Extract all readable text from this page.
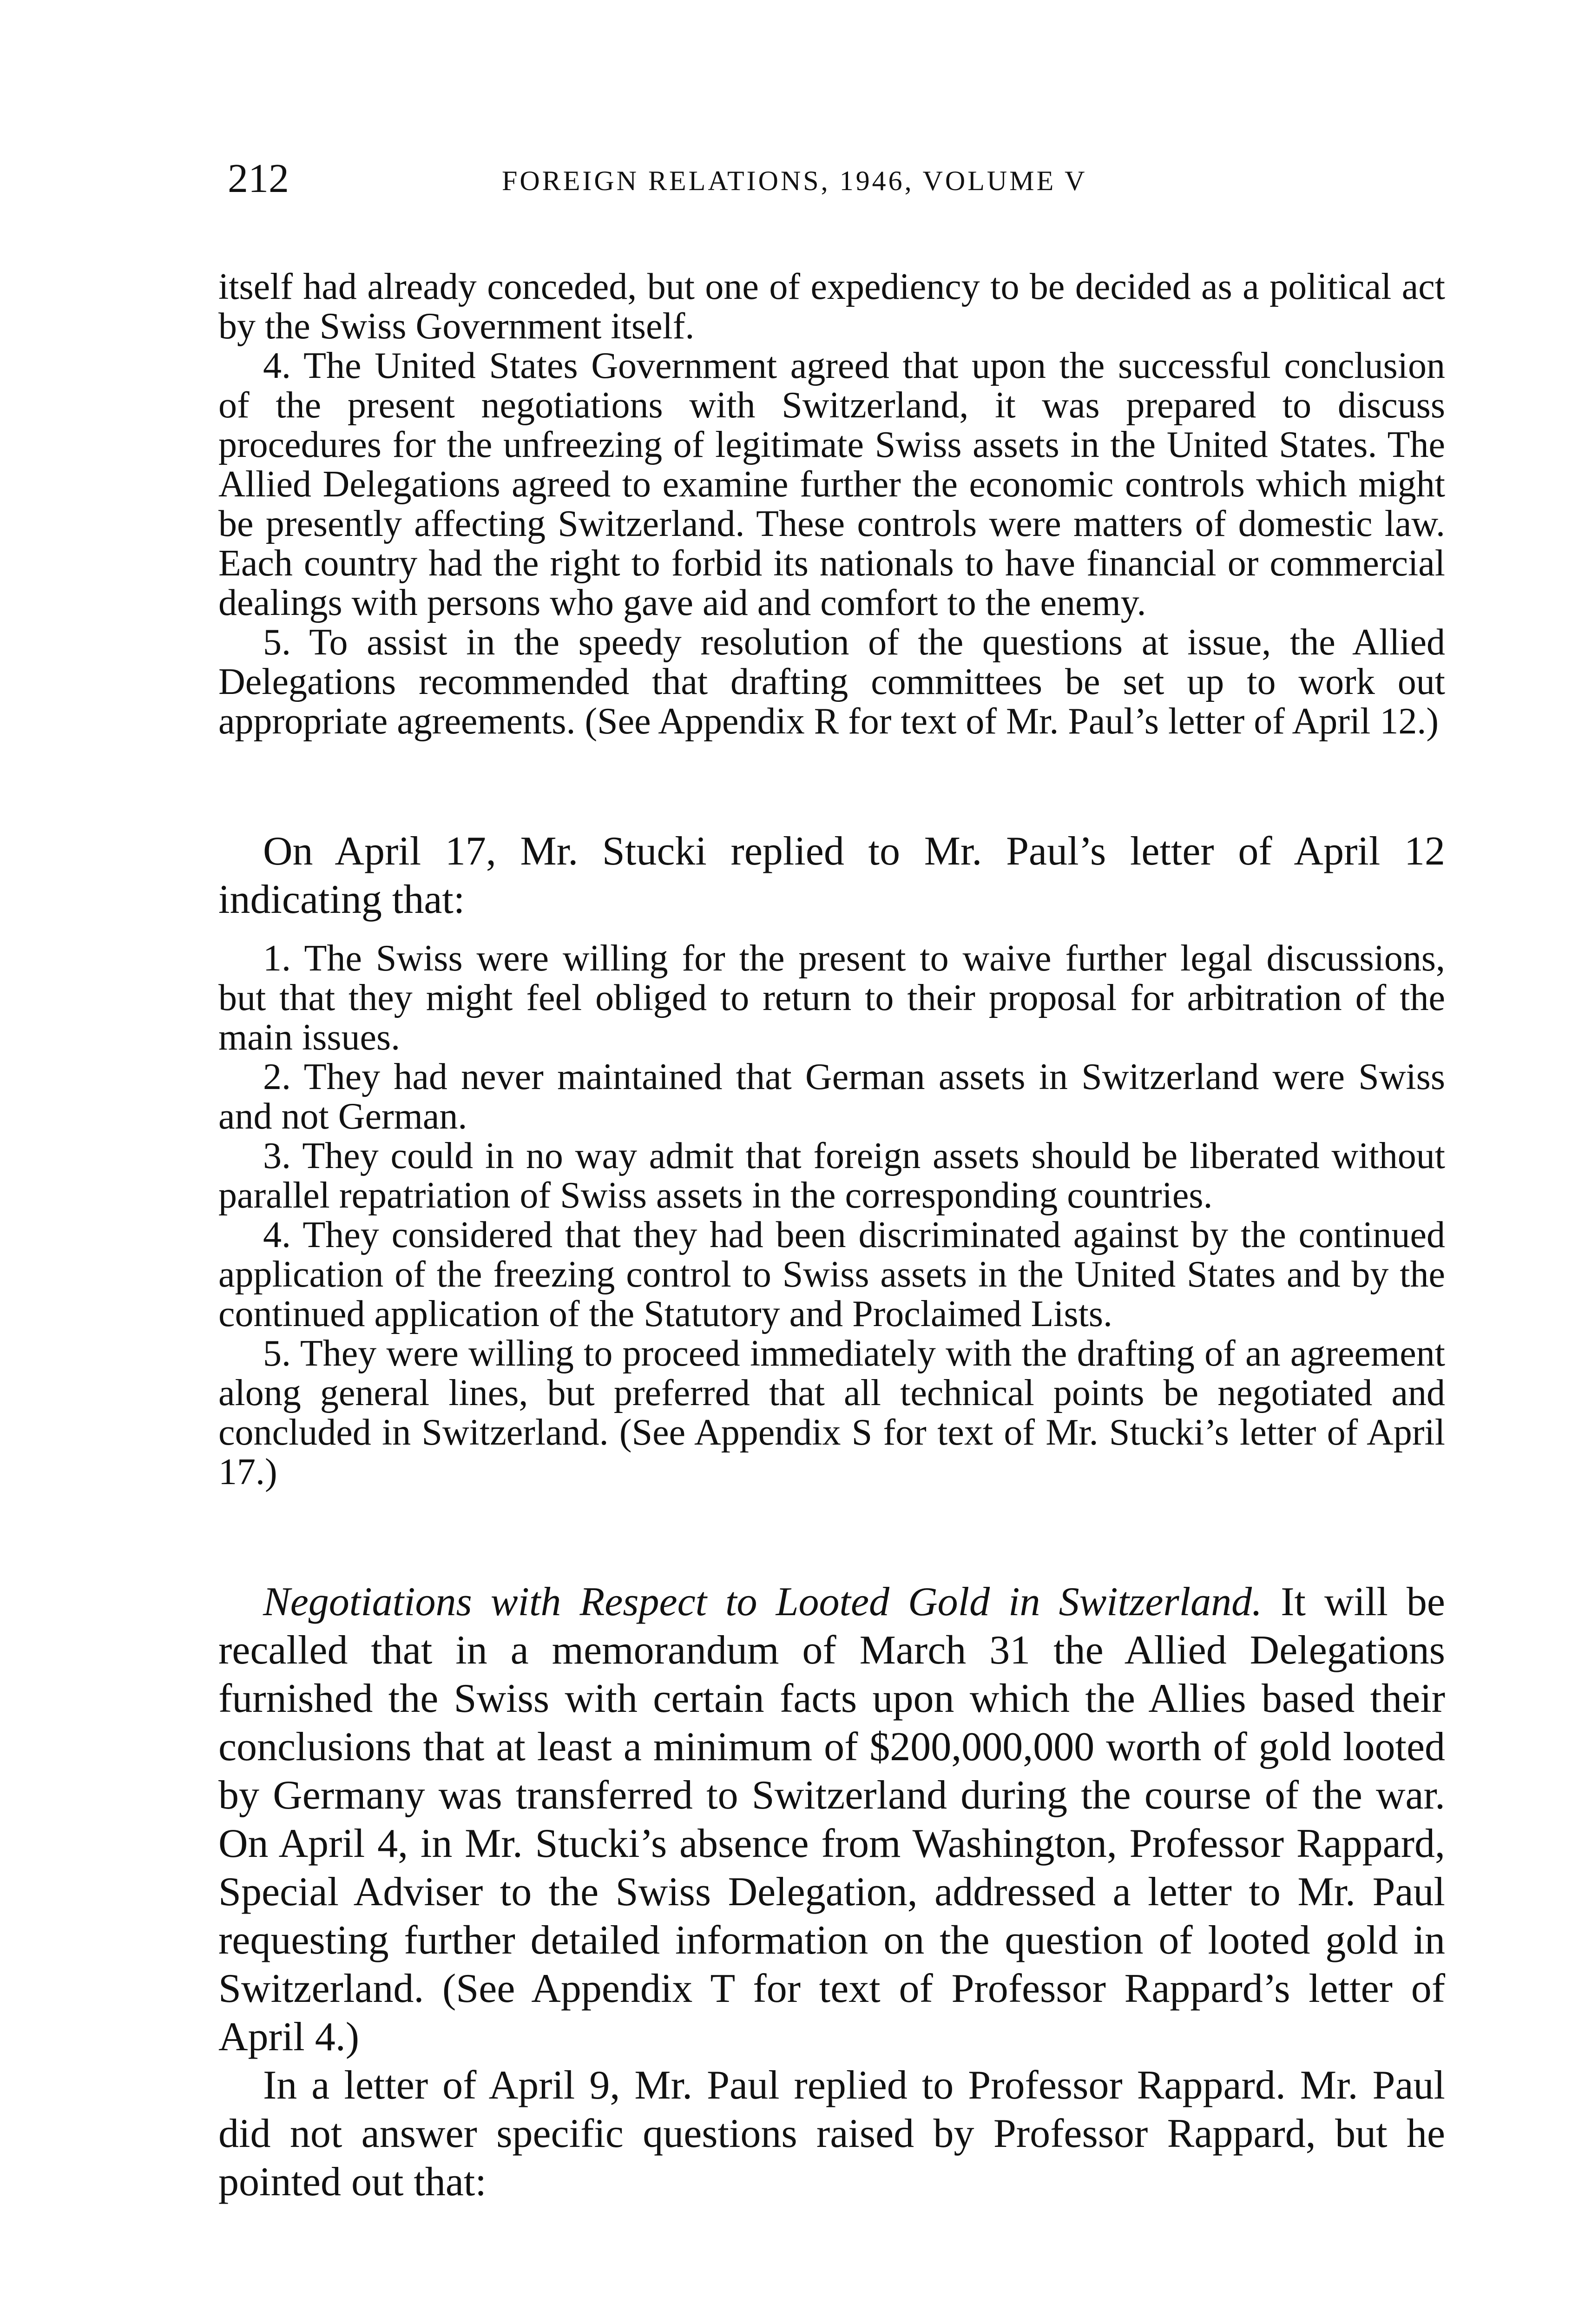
212	FOREIGN RELATIONS, 1946, VOLUME V

itself had already conceded, but one of expediency to be decided as a political act by the Swiss Government itself.

4. The United States Government agreed that upon the successful conclusion of the present negotiations with Switzerland, it was prepared to discuss procedures for the unfreezing of legitimate Swiss assets in the United States. The Allied Delegations agreed to examine further the economic controls which might be presently affecting Switzerland. These controls were matters of domestic law. Each country had the right to forbid its nationals to have financial or commercial dealings with persons who gave aid and comfort to the enemy.

5. To assist in the speedy resolution of the questions at issue, the Allied Delegations recommended that drafting committees be set up to work out appropriate agreements. (See Appendix R for text of Mr. Paul’s letter of April 12.)

On April 17, Mr. Stucki replied to Mr. Paul’s letter of April 12 indicating that:

1. The Swiss were willing for the present to waive further legal discussions, but that they might feel obliged to return to their proposal for arbitration of the main issues.

2. They had never maintained that German assets in Switzerland were Swiss and not German.

3. They could in no way admit that foreign assets should be liberated without parallel repatriation of Swiss assets in the corresponding countries.

4. They considered that they had been discriminated against by the continued application of the freezing control to Swiss assets in the United States and by the continued application of the Statutory and Proclaimed Lists.

5. They were willing to proceed immediately with the drafting of an agreement along general lines, but preferred that all technical points be negotiated and concluded in Switzerland. (See Appendix S for text of Mr. Stucki’s letter of April 17.)

Negotiations with Respect to Looted Gold in Switzerland. It will be recalled that in a memorandum of March 31 the Allied Delegations furnished the Swiss with certain facts upon which the Allies based their conclusions that at least a minimum of $200,000,000 worth of gold looted by Germany was transferred to Switzerland during the course of the war. On April 4, in Mr. Stucki’s absence from Washington, Professor Rappard, Special Adviser to the Swiss Delegation, addressed a letter to Mr. Paul requesting further detailed information on the question of looted gold in Switzerland. (See Appendix T for text of Professor Rappard’s letter of April 4.)

In a letter of April 9, Mr. Paul replied to Professor Rappard. Mr. Paul did not answer specific questions raised by Professor Rappard, but he pointed out that:
